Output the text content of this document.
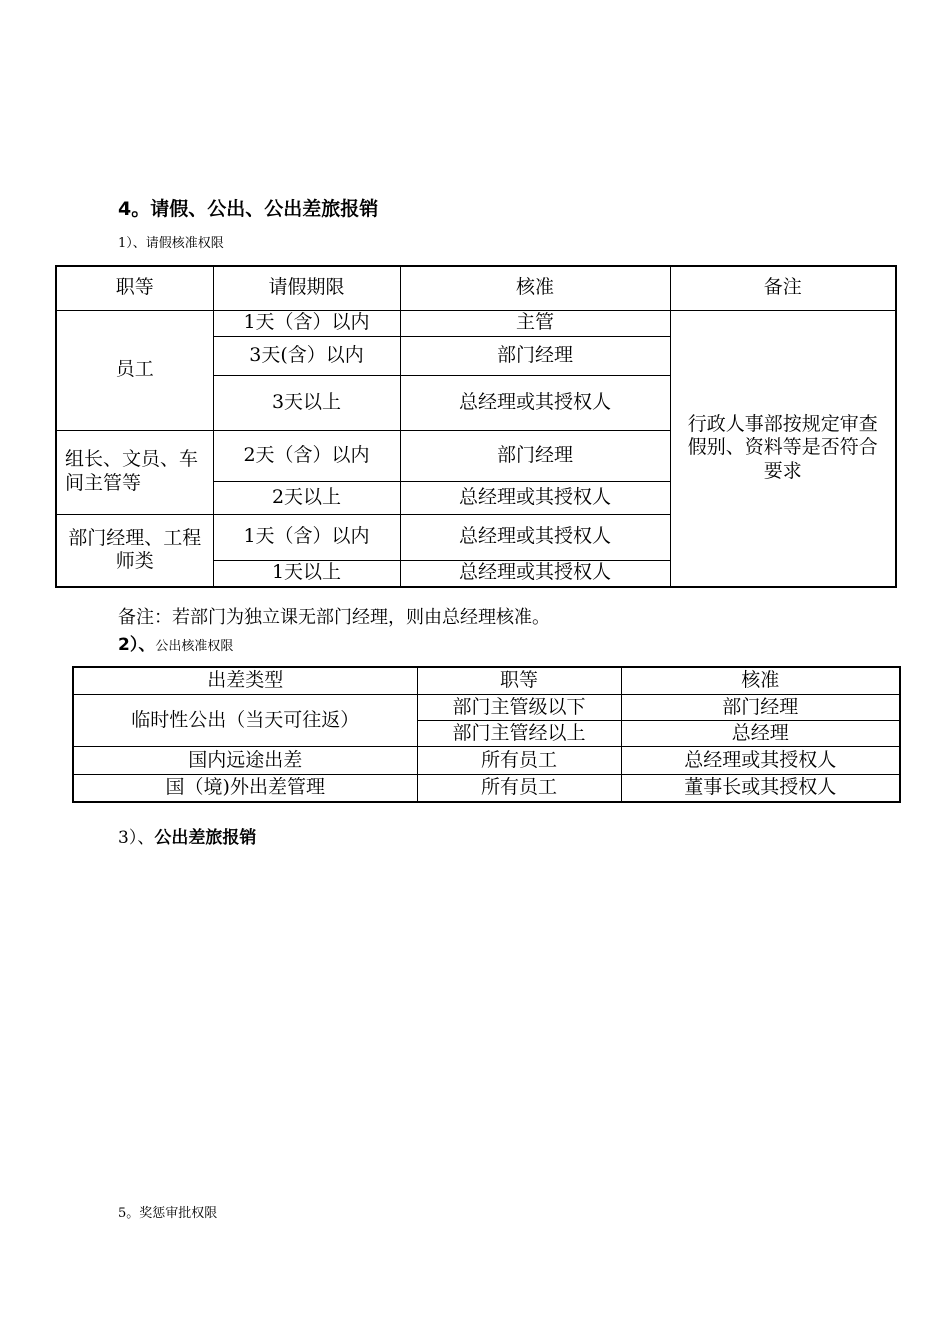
4。请假、公出、公出差旅报销
1）、请假核准权限
职等	请假期限	核准	备注
员工	1天（含）以内	主管	行政人事部按规定审查假别、资料等是否符合要求
	3天(含）以内	部门经理	
	3天以上	总经理或其授权人	
组长、文员、车间主管等	2天（含）以内	部门经理	
	2天以上	总经理或其授权人	
部门经理、工程师类	1天（含）以内	总经理或其授权人	
	1天以上	总经理或其授权人	
备注：若部门为独立课无部门经理，则由总经理核准。
2）、公出核准权限
出差类型	职等	核准
临时性公出（当天可往返）	部门主管级以下	部门经理
	部门主管经以上	总经理
国内远途出差	所有员工	总经理或其授权人
国（境)外出差管理	所有员工	董事长或其授权人
3）、公出差旅报销
5。奖惩审批权限
